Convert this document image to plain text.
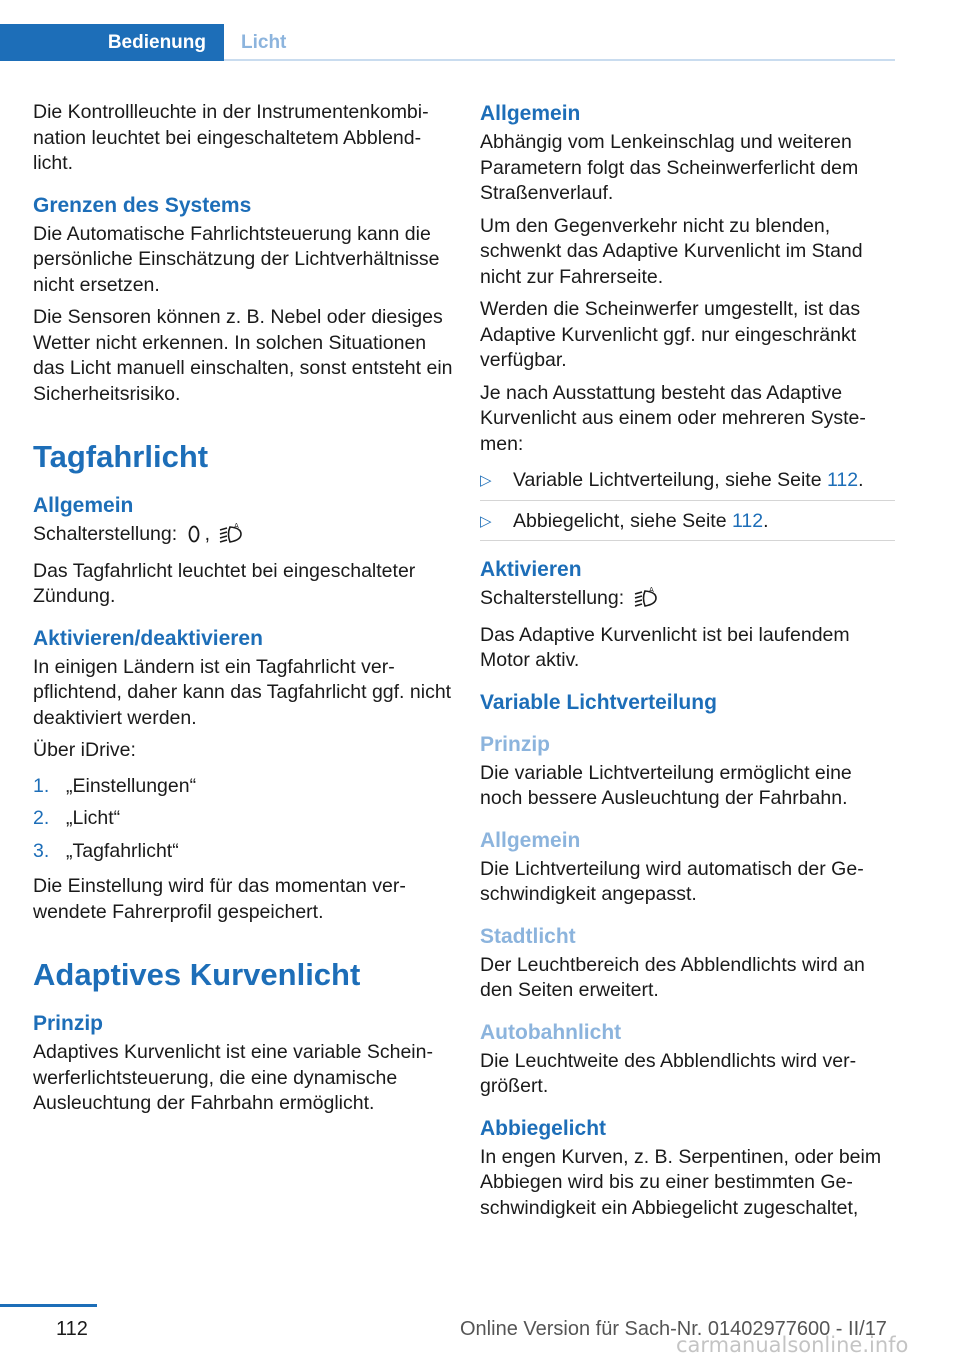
Bedienung Licht

Die Kontrollleuchte in der Instrumentenkombination leuchtet bei eingeschaltetem Abblendlicht.

Grenzen des Systems

Die Automatische Fahrlichtsteuerung kann die persönliche Einschätzung der Lichtverhältnisse nicht ersetzen.

Die Sensoren können z. B. Nebel oder diesiges Wetter nicht erkennen. In solchen Situationen das Licht manuell einschalten, sonst entsteht ein Sicherheitsrisiko.

Tagfahrlicht
Allgemein

Schalterstellung: ,	A

Das Tagfahrlicht leuchtet bei eingeschalteter Zündung.

Aktivieren/deaktivieren

In einigen Ländern ist ein Tagfahrlicht verpflichtend, daher kann das Tagfahrlicht ggf. nicht deaktiviert werden.

Über iDrive:

1. „Einstellungen“
2. „Licht“
3. „Tagfahrlicht“

Die Einstellung wird für das momentan verwendete Fahrerprofil gespeichert.

Adaptives Kurvenlicht
Prinzip

Adaptives Kurvenlicht ist eine variable Scheinwerferlichtsteuerung, die eine dynamische Ausleuchtung der Fahrbahn ermöglicht.

Allgemein

Abhängig vom Lenkeinschlag und weiteren Parametern folgt das Scheinwerferlicht dem Straßenverlauf.

Um den Gegenverkehr nicht zu blenden, schwenkt das Adaptive Kurvenlicht im Stand nicht zur Fahrerseite.

Werden die Scheinwerfer umgestellt, ist das Adaptive Kurvenlicht ggf. nur eingeschränkt verfügbar.

Je nach Ausstattung besteht das Adaptive Kurvenlicht aus einem oder mehreren Systemen:

▷	Variable Lichtverteilung, siehe Seite 112.
▷	Abbiegelicht, siehe Seite 112.
Aktivieren

Schalterstellung:	A

Das Adaptive Kurvenlicht ist bei laufendem Motor aktiv.

Variable Lichtverteilung
Prinzip

Die variable Lichtverteilung ermöglicht eine noch bessere Ausleuchtung der Fahrbahn.

Allgemein

Die Lichtverteilung wird automatisch der Geschwindigkeit angepasst.

Stadtlicht

Der Leuchtbereich des Abblendlichts wird an den Seiten erweitert.

Autobahnlicht

Die Leuchtweite des Abblendlichts wird vergrößert.

Abbiegelicht

In engen Kurven, z. B. Serpentinen, oder beim Abbiegen wird bis zu einer bestimmten Geschwindigkeit ein Abbiegelicht zugeschaltet,

112	Online Version für Sach-Nr. 01402977600 - II/17
carmanualsonline.info
